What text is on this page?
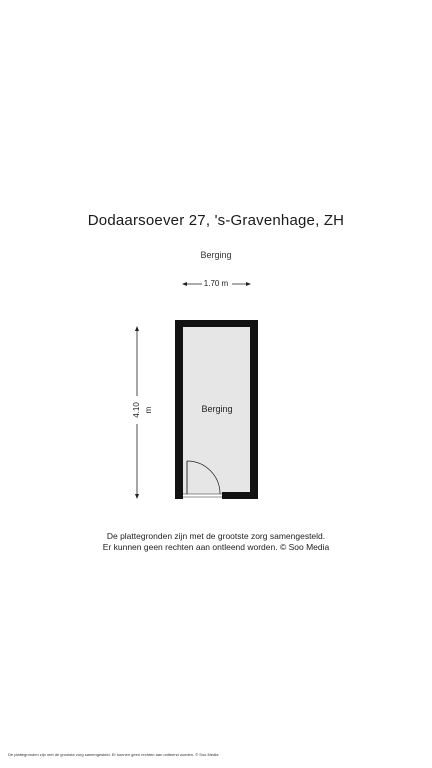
Dodaarsoever 27, 's-Gravenhage, ZH
Berging
1.70 m
4.10 m	Berging
De plattegronden zijn met de grootste zorg samengesteld.
Er kunnen geen rechten aan ontleend worden. © Soo Media
De plattegronden zijn met de grootste zorg samengesteld. Er kunnen geen rechten aan ontleend worden. © Soo Media
